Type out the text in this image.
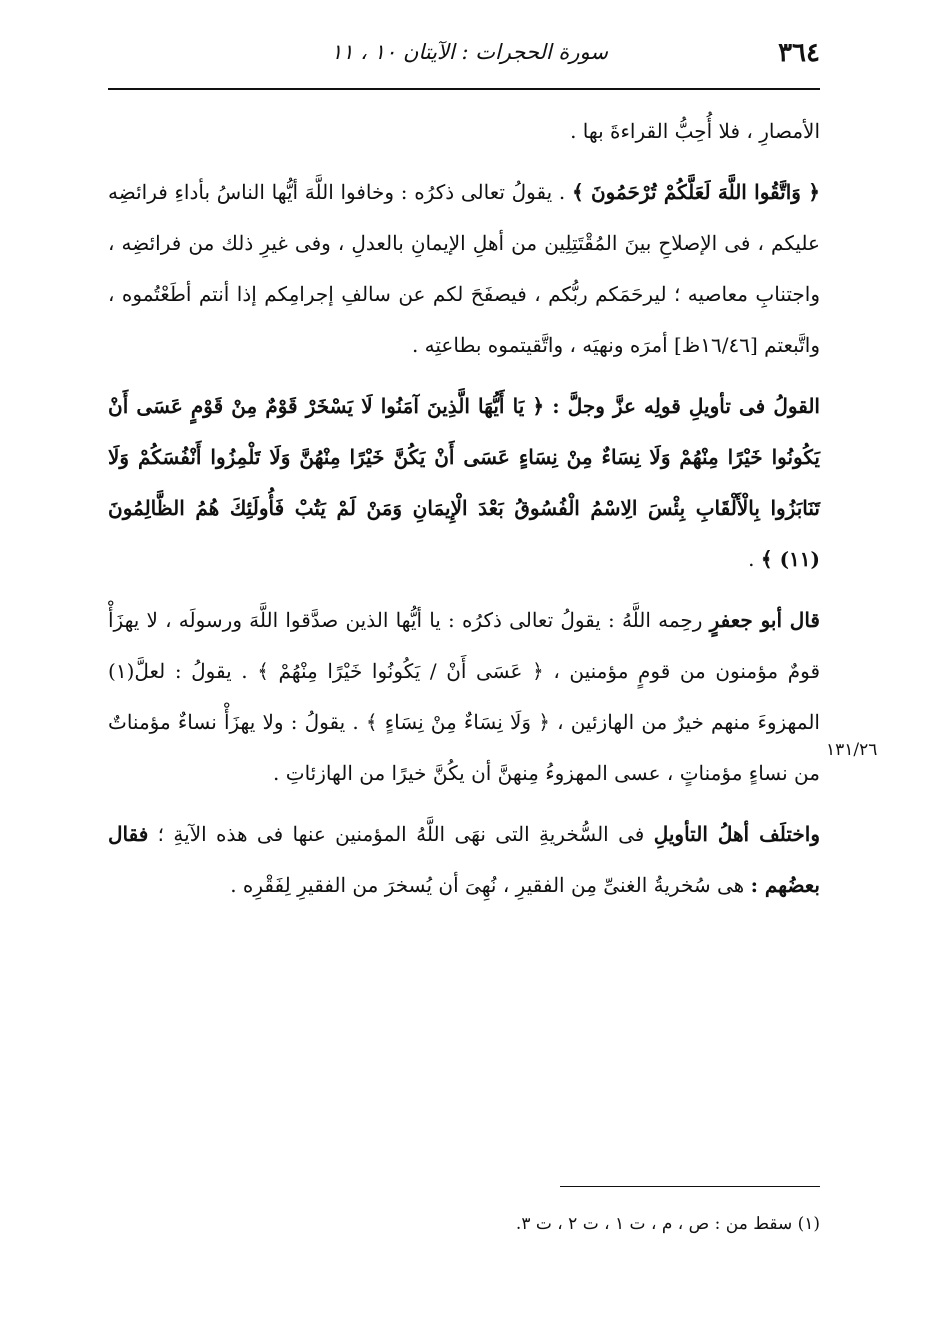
٣٦٤
سورة الحجرات : الآيتان ١٠ ، ١١

الأمصارِ ، فلا أُحِبُّ القراءةَ بها .

﴿ وَاتَّقُوا اللَّهَ لَعَلَّكُمْ تُرْحَمُونَ ﴾ . يقولُ تعالى ذكرُه : وخافوا اللَّهَ أيُّها الناسُ بأداءِ فرائضِه عليكم ، فى الإصلاحِ بينَ المُقْتَتِلِين من أهلِ الإيمانِ بالعدلِ ، وفى غيرِ ذلك من فرائضِه ، واجتنابِ معاصيه ؛ ليرحَمَكم ربُّكم ، فيصفَحَ لكم عن سالفِ إجرامِكم إذا أنتم أطَعْتُموه ، واتَّبعتم [١٦/٤٦ظ] أمرَه ونهيَه ، واتَّقيتموه بطاعتِه .

القولُ فى تأويلِ قولِه عزَّ وجلَّ : ﴿ يَا أَيُّهَا الَّذِينَ آمَنُوا لَا يَسْخَرْ قَوْمٌ مِنْ قَوْمٍ عَسَى أَنْ يَكُونُوا خَيْرًا مِنْهُمْ وَلَا نِسَاءٌ مِنْ نِسَاءٍ عَسَى أَنْ يَكُنَّ خَيْرًا مِنْهُنَّ وَلَا تَلْمِزُوا أَنْفُسَكُمْ وَلَا تَنَابَزُوا بِالْأَلْقَابِ بِئْسَ الِاسْمُ الْفُسُوقُ بَعْدَ الْإِيمَانِ وَمَنْ لَمْ يَتُبْ فَأُولَئِكَ هُمُ الظَّالِمُونَ (١١) ﴾ .

قال أبو جعفرٍ رحِمه اللَّهُ : يقولُ تعالى ذكرُه : يا أيُّها الذين صدَّقوا اللَّهَ ورسولَه ، لا يهزَأْ قومٌ مؤمنون من قومٍ مؤمنين ، ﴿ عَسَى أَنْ / يَكُونُوا خَيْرًا مِنْهُمْ ﴾ . يقولُ : لعلَّ(١) المهزوءَ منهم خيرٌ من الهازئين ، ﴿ وَلَا نِسَاءٌ مِنْ نِسَاءٍ ﴾ . يقولُ : ولا يهزَأْ نساءٌ مؤمناتٌ من نساءٍ مؤمناتٍ ، عسى المهزوءُ مِنهنَّ أن يكُنَّ خيرًا من الهازئاتِ .

واختلَف أهلُ التأويلِ فى السُّخريةِ التى نهَى اللَّهُ المؤمنين عنها فى هذه الآيةِ ؛ فقال بعضُهم : هى سُخريةُ الغنىِّ مِن الفقيرِ ، نُهِىَ أن يُسخرَ من الفقيرِ لِفَقْرِه .

١٣١/٢٦
(١) سقط من : ص ، م ، ت ١ ، ت ٢ ، ت ٣.
